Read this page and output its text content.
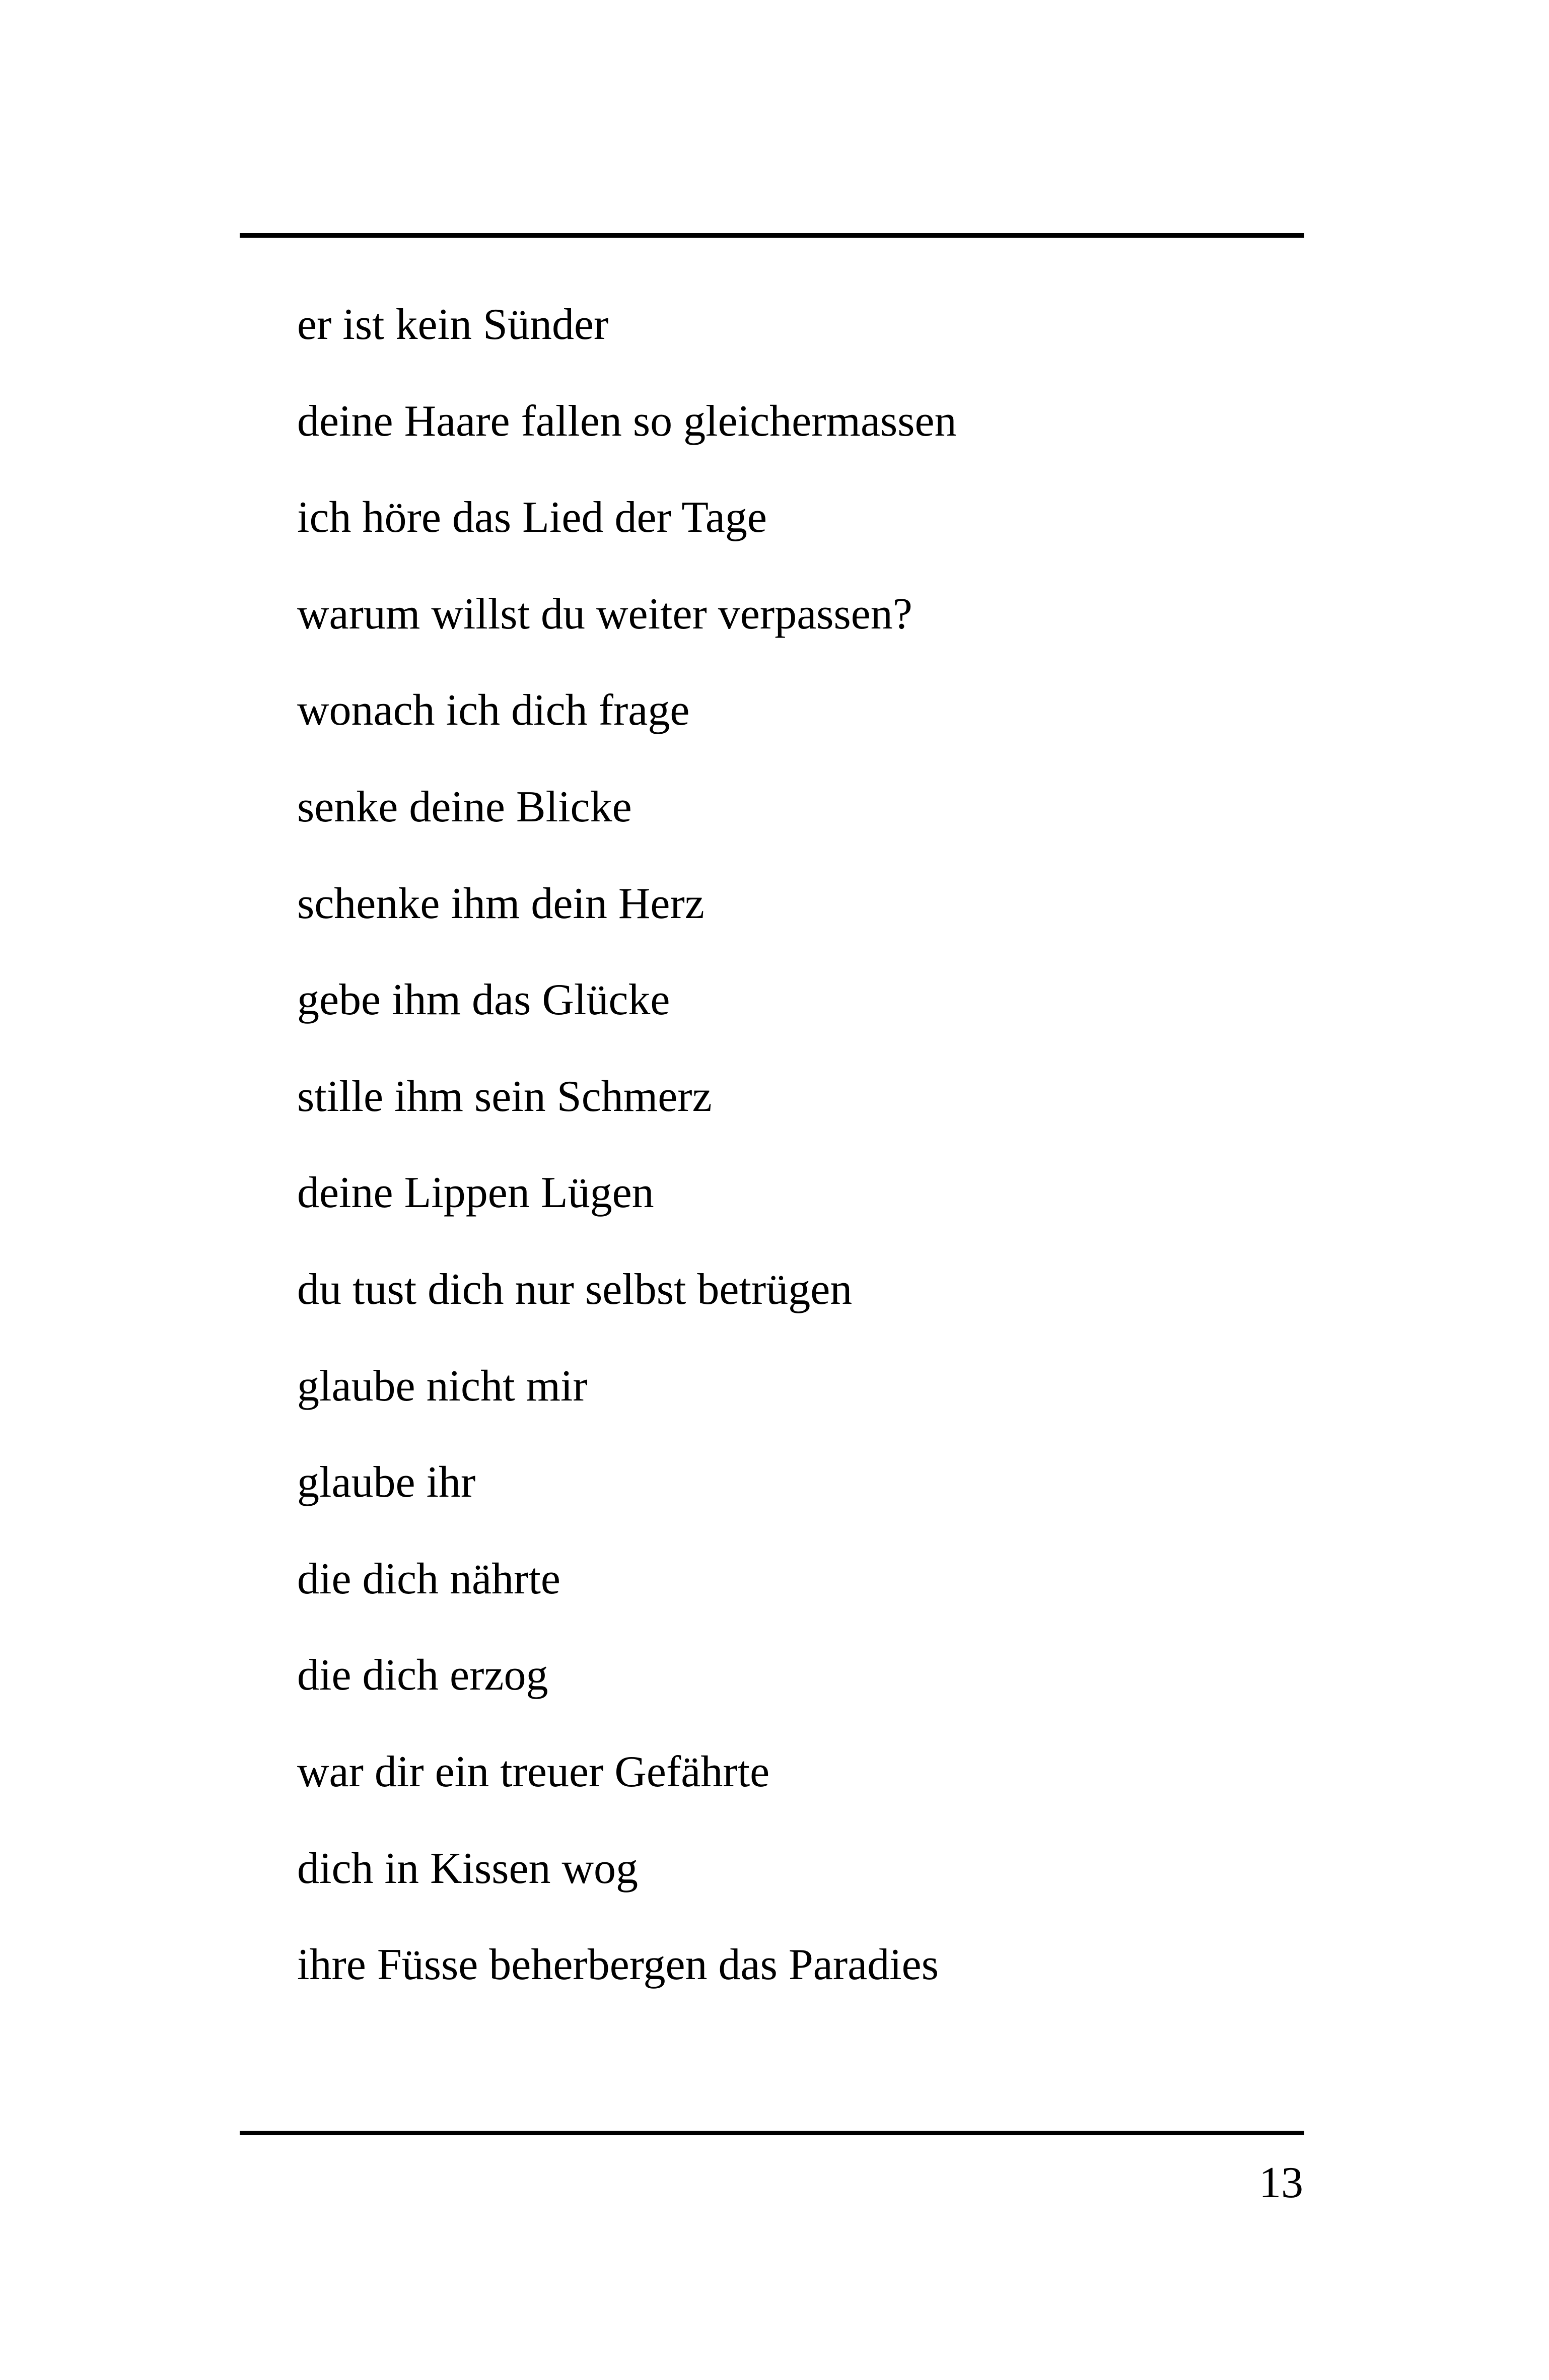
er ist kein Sünder
deine Haare fallen so gleichermassen
ich höre das Lied der Tage
warum willst du weiter verpassen?
wonach ich dich frage
senke deine Blicke
schenke ihm dein Herz
gebe ihm das Glücke
stille ihm sein Schmerz
deine Lippen Lügen
du tust dich nur selbst betrügen
glaube nicht mir
glaube ihr
die dich nährte
die dich erzog
war dir ein treuer Gefährte
dich in Kissen wog
ihre Füsse beherbergen das Paradies
13
